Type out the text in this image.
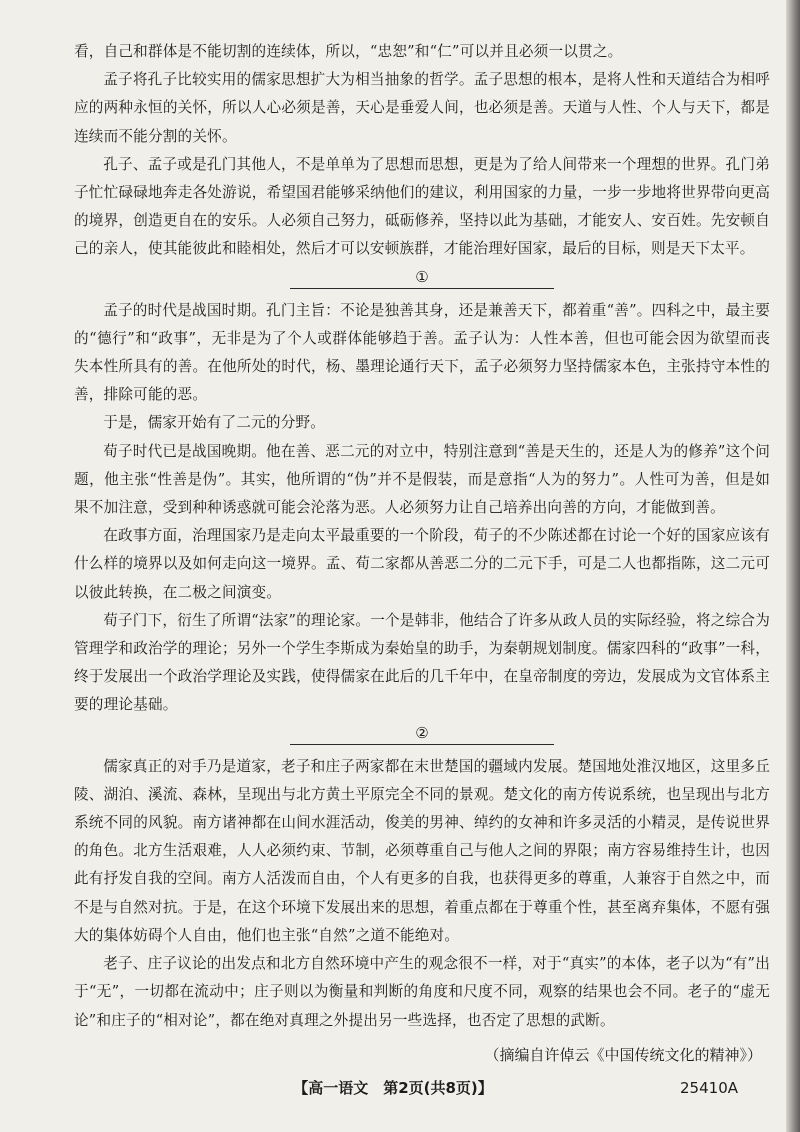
看，自己和群体是不能切割的连续体，所以，“忠恕”和“仁”可以并且必须一以贯之。

孟子将孔子比较实用的儒家思想扩大为相当抽象的哲学。孟子思想的根本，是将人性和天道结合为相呼应的两种永恒的关怀，所以人心必须是善，天心是垂爱人间，也必须是善。天道与人性、个人与天下，都是连续而不能分割的关怀。

孔子、孟子或是孔门其他人，不是单单为了思想而思想，更是为了给人间带来一个理想的世界。孔门弟子忙忙碌碌地奔走各处游说，希望国君能够采纳他们的建议，利用国家的力量，一步一步地将世界带向更高的境界，创造更自在的安乐。人必须自己努力，砥砺修养，坚持以此为基础，才能安人、安百姓。先安顿自己的亲人，使其能彼此和睦相处，然后才可以安顿族群，才能治理好国家，最后的目标，则是天下太平。

①

孟子的时代是战国时期。孔门主旨：不论是独善其身，还是兼善天下，都着重“善”。四科之中，最主要的“德行”和“政事”，无非是为了个人或群体能够趋于善。孟子认为：人性本善，但也可能会因为欲望而丧失本性所具有的善。在他所处的时代，杨、墨理论通行天下，孟子必须努力坚持儒家本色，主张持守本性的善，排除可能的恶。

于是，儒家开始有了二元的分野。

荀子时代已是战国晚期。他在善、恶二元的对立中，特别注意到“善是天生的，还是人为的修养”这个问题，他主张“性善是伪”。其实，他所谓的“伪”并不是假装，而是意指“人为的努力”。人性可为善，但是如果不加注意，受到种种诱惑就可能会沦落为恶。人必须努力让自己培养出向善的方向，才能做到善。

在政事方面，治理国家乃是走向太平最重要的一个阶段，荀子的不少陈述都在讨论一个好的国家应该有什么样的境界以及如何走向这一境界。孟、荀二家都从善恶二分的二元下手，可是二人也都指陈，这二元可以彼此转换，在二极之间演变。

荀子门下，衍生了所谓“法家”的理论家。一个是韩非，他结合了许多从政人员的实际经验，将之综合为管理学和政治学的理论；另外一个学生李斯成为秦始皇的助手，为秦朝规划制度。儒家四科的“政事”一科，终于发展出一个政治学理论及实践，使得儒家在此后的几千年中，在皇帝制度的旁边，发展成为文官体系主要的理论基础。

②

儒家真正的对手乃是道家，老子和庄子两家都在末世楚国的疆域内发展。楚国地处淮汉地区，这里多丘陵、湖泊、溪流、森林，呈现出与北方黄土平原完全不同的景观。楚文化的南方传说系统，也呈现出与北方系统不同的风貌。南方诸神都在山间水涯活动，俊美的男神、绰约的女神和许多灵活的小精灵，是传说世界的角色。北方生活艰难，人人必须约束、节制，必须尊重自己与他人之间的界限；南方容易维持生计，也因此有抒发自我的空间。南方人活泼而自由，个人有更多的自我，也获得更多的尊重，人兼容于自然之中，而不是与自然对抗。于是，在这个环境下发展出来的思想，着重点都在于尊重个性，甚至离弃集体，不愿有强大的集体妨碍个人自由，他们也主张“自然”之道不能绝对。

老子、庄子议论的出发点和北方自然环境中产生的观念很不一样，对于“真实”的本体，老子以为“有”出于“无”，一切都在流动中；庄子则以为衡量和判断的角度和尺度不同，观察的结果也会不同。老子的“虚无论”和庄子的“相对论”，都在绝对真理之外提出另一些选择，也否定了思想的武断。

（摘编自许倬云《中国传统文化的精神》）

【高一语文　第2页(共8页)】	25410A
